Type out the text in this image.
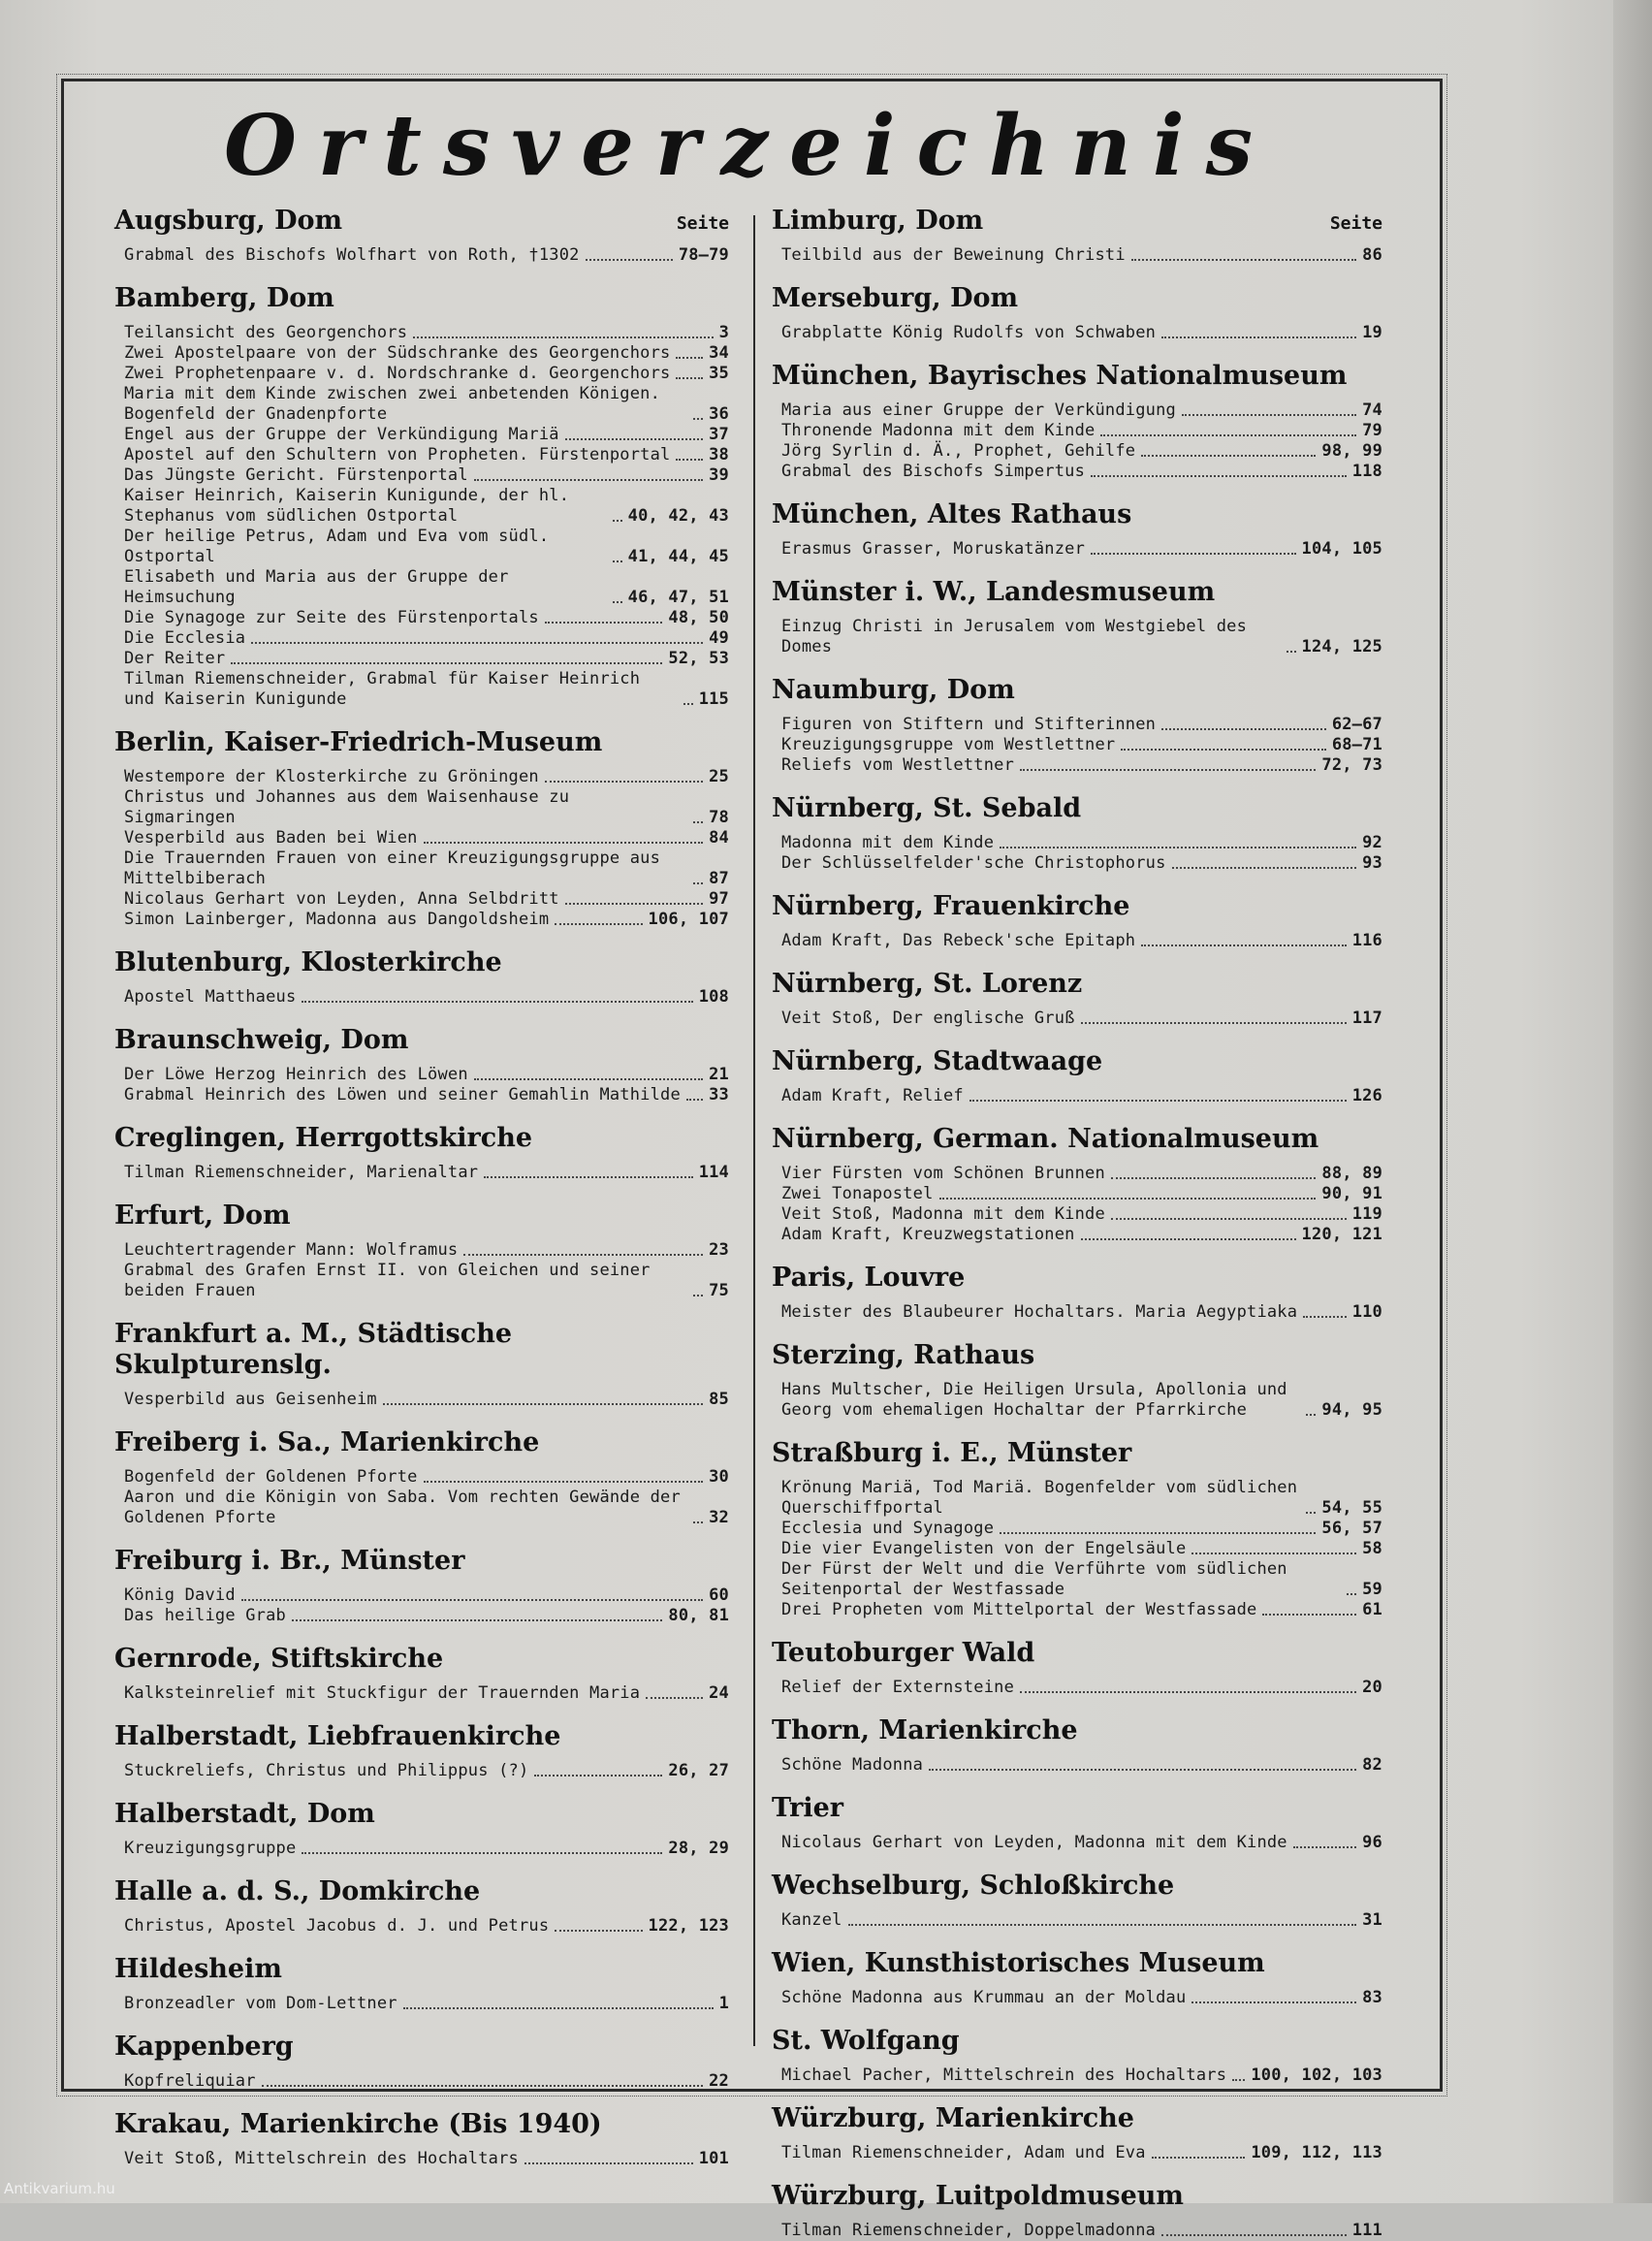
Ortsverzeichnis
Augsburg, Dom	Seite
Grabmal des Bischofs Wolfhart von Roth, †1302	78—79
Bamberg, Dom
Teilansicht des Georgenchors	3
Zwei Apostelpaare von der Südschranke des Georgenchors 34
Zwei Prophetenpaare v. d. Nordschranke d. Georgenchors 35
Maria mit dem Kinde zwischen zwei anbetenden Königen. Bogenfeld der Gnadenpforte	36
Engel aus der Gruppe der Verkündigung Mariä	37
Apostel auf den Schultern von Propheten. Fürstenportal 38
Das Jüngste Gericht. Fürstenportal	39
Kaiser Heinrich, Kaiserin Kunigunde, der hl. Stephanus vom südlichen Ostportal	40, 42, 43
Der heilige Petrus, Adam und Eva vom südl. Ostportal	41, 44, 45
Elisabeth und Maria aus der Gruppe der Heimsuchung	46, 47, 51
Die Synagoge zur Seite des Fürstenportals	48, 50
Die Ecclesia	49
Der Reiter	52, 53
Tilman Riemenschneider, Grabmal für Kaiser Heinrich und Kaiserin Kunigunde	115
Berlin, Kaiser-Friedrich-Museum
Westempore der Klosterkirche zu Gröningen	25
Christus und Johannes aus dem Waisenhause zu Sigmaringen	78
Vesperbild aus Baden bei Wien	84
Die Trauernden Frauen von einer Kreuzigungsgruppe aus Mittelbiberach	87
Nicolaus Gerhart von Leyden, Anna Selbdritt	97
Simon Lainberger, Madonna aus Dangoldsheim	106, 107
Blutenburg, Klosterkirche
Apostel Matthaeus	108
Braunschweig, Dom
Der Löwe Herzog Heinrich des Löwen	21
Grabmal Heinrich des Löwen und seiner Gemahlin Mathilde 33
Creglingen, Herrgottskirche
Tilman Riemenschneider, Marienaltar	114
Erfurt, Dom
Leuchtertragender Mann: Wolframus	23
Grabmal des Grafen Ernst II. von Gleichen und seiner beiden Frauen	75
Frankfurt a. M., Städtische Skulpturenslg.
Vesperbild aus Geisenheim	85
Freiberg i. Sa., Marienkirche
Bogenfeld der Goldenen Pforte	30
Aaron und die Königin von Saba. Vom rechten Gewände der Goldenen Pforte	32
Freiburg i. Br., Münster
König David	60
Das heilige Grab	80, 81
Gernrode, Stiftskirche
Kalksteinrelief mit Stuckfigur der Trauernden Maria	24
Halberstadt, Liebfrauenkirche
Stuckreliefs, Christus und Philippus (?)	26, 27
Halberstadt, Dom
Kreuzigungsgruppe	28, 29
Halle a. d. S., Domkirche
Christus, Apostel Jacobus d. J. und Petrus	122, 123
Hildesheim
Bronzeadler vom Dom-Lettner	1
Kappenberg
Kopfreliquiar	22
Krakau, Marienkirche (Bis 1940)
Veit Stoß, Mittelschrein des Hochaltars	101
Limburg, Dom	Seite
Teilbild aus der Beweinung Christi	86
Merseburg, Dom
Grabplatte König Rudolfs von Schwaben	19
München, Bayrisches Nationalmuseum
Maria aus einer Gruppe der Verkündigung	74
Thronende Madonna mit dem Kinde	79
Jörg Syrlin d. Ä., Prophet, Gehilfe	98, 99
Grabmal des Bischofs Simpertus	118
München, Altes Rathaus
Erasmus Grasser, Moruskatänzer	104, 105
Münster i. W., Landesmuseum
Einzug Christi in Jerusalem vom Westgiebel des Domes	124, 125
Naumburg, Dom
Figuren von Stiftern und Stifterinnen	62—67
Kreuzigungsgruppe vom Westlettner	68—71
Reliefs vom Westlettner	72, 73
Nürnberg, St. Sebald
Madonna mit dem Kinde	92
Der Schlüsselfelder'sche Christophorus	93
Nürnberg, Frauenkirche
Adam Kraft, Das Rebeck'sche Epitaph	116
Nürnberg, St. Lorenz
Veit Stoß, Der englische Gruß	117
Nürnberg, Stadtwaage
Adam Kraft, Relief	126
Nürnberg, German. Nationalmuseum
Vier Fürsten vom Schönen Brunnen	88, 89
Zwei Tonapostel	90, 91
Veit Stoß, Madonna mit dem Kinde	119
Adam Kraft, Kreuzwegstationen	120, 121
Paris, Louvre
Meister des Blaubeurer Hochaltars. Maria Aegyptiaka	110
Sterzing, Rathaus
Hans Multscher, Die Heiligen Ursula, Apollonia und Georg vom ehemaligen Hochaltar der Pfarrkirche	94, 95
Straßburg i. E., Münster
Krönung Mariä, Tod Mariä. Bogenfelder vom südlichen Querschiffportal	54, 55
Ecclesia und Synagoge	56, 57
Die vier Evangelisten von der Engelsäule	58
Der Fürst der Welt und die Verführte vom südlichen Seitenportal der Westfassade	59
Drei Propheten vom Mittelportal der Westfassade	61
Teutoburger Wald
Relief der Externsteine	20
Thorn, Marienkirche
Schöne Madonna	82
Trier
Nicolaus Gerhart von Leyden, Madonna mit dem Kinde	96
Wechselburg, Schloßkirche
Kanzel	31
Wien, Kunsthistorisches Museum
Schöne Madonna aus Krummau an der Moldau	83
St. Wolfgang
Michael Pacher, Mittelschrein des Hochaltars 100, 102, 103
Würzburg, Marienkirche
Tilman Riemenschneider, Adam und Eva	109, 112, 113
Würzburg, Luitpoldmuseum
Tilman Riemenschneider, Doppelmadonna	111
Antikvarium.hu
